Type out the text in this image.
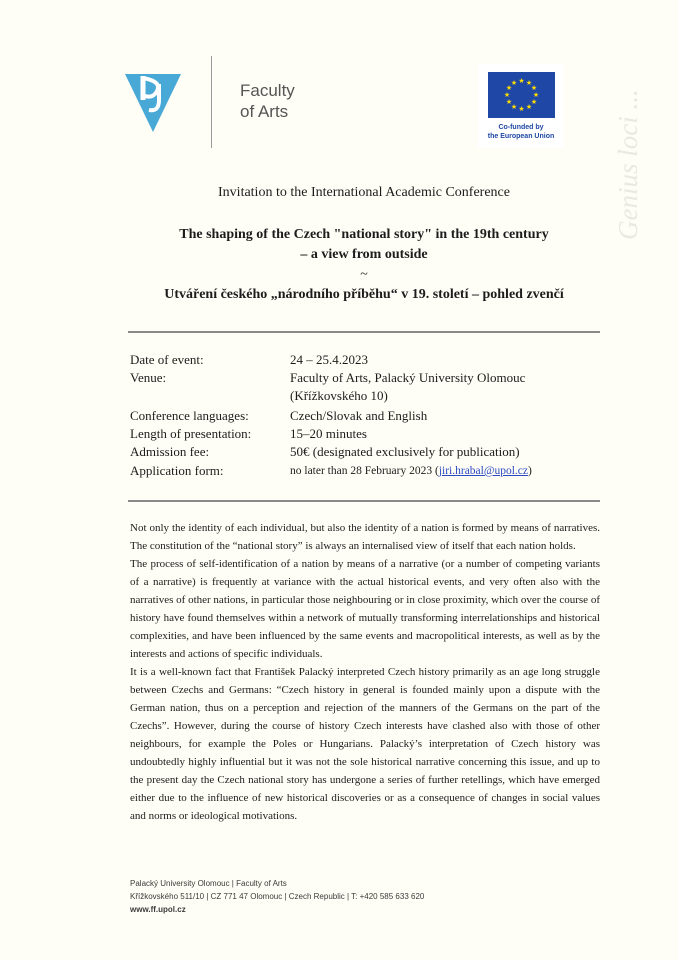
Faculty
of Arts
★ ★
★
★
★
★
★
★
★
★
★
★
Co-funded by
the European Union	Genius loci ...
Invitation to the International Academic Conference
The shaping of the Czech "national story" in the 19th century
– a view from outside
~
Utváření českého „národního příběhu“ v 19. století – pohled zvenčí
Date of event:	24 – 25.4.2023
Venue:	Faculty of Arts, Palacký University Olomouc
(Křížkovského 10)
Conference languages:	Czech/Slovak and English
Length of presentation:	15–20 minutes
Admission fee:	50€ (designated exclusively for publication)
Application form:	no later than 28 February 2023 (jiri.hrabal@upol.cz)

Not only the identity of each individual, but also the identity of a nation is formed by means of narratives. The constitution of the “national story” is always an internalised view of itself that each nation holds.

The process of self-identification of a nation by means of a narrative (or a number of competing variants of a narrative) is frequently at variance with the actual historical events, and very often also with the narratives of other nations, in particular those neighbouring or in close proximity, which over the course of history have found themselves within a network of mutually transforming interrelationships and historical complexities, and have been influenced by the same events and macropolitical interests, as well as by the interests and actions of specific individuals.

It is a well-known fact that František Palacký interpreted Czech history primarily as an age long struggle between Czechs and Germans: “Czech history in general is founded mainly upon a dispute with the German nation, thus on a perception and rejection of the manners of the Germans on the part of the Czechs”. However, during the course of history Czech interests have clashed also with those of other neighbours, for example the Poles or Hungarians. Palacký’s interpretation of Czech history was undoubtedly highly influential but it was not the sole historical narrative concerning this issue, and up to the present day the Czech national story has undergone a series of further retellings, which have emerged either due to the influence of new historical discoveries or as a consequence of changes in social values and norms or ideological motivations.

Palacký University Olomouc | Faculty of Arts
Křížkovského 511/10 | CZ 771 47 Olomouc | Czech Republic | T: +420 585 633 620
www.ff.upol.cz
